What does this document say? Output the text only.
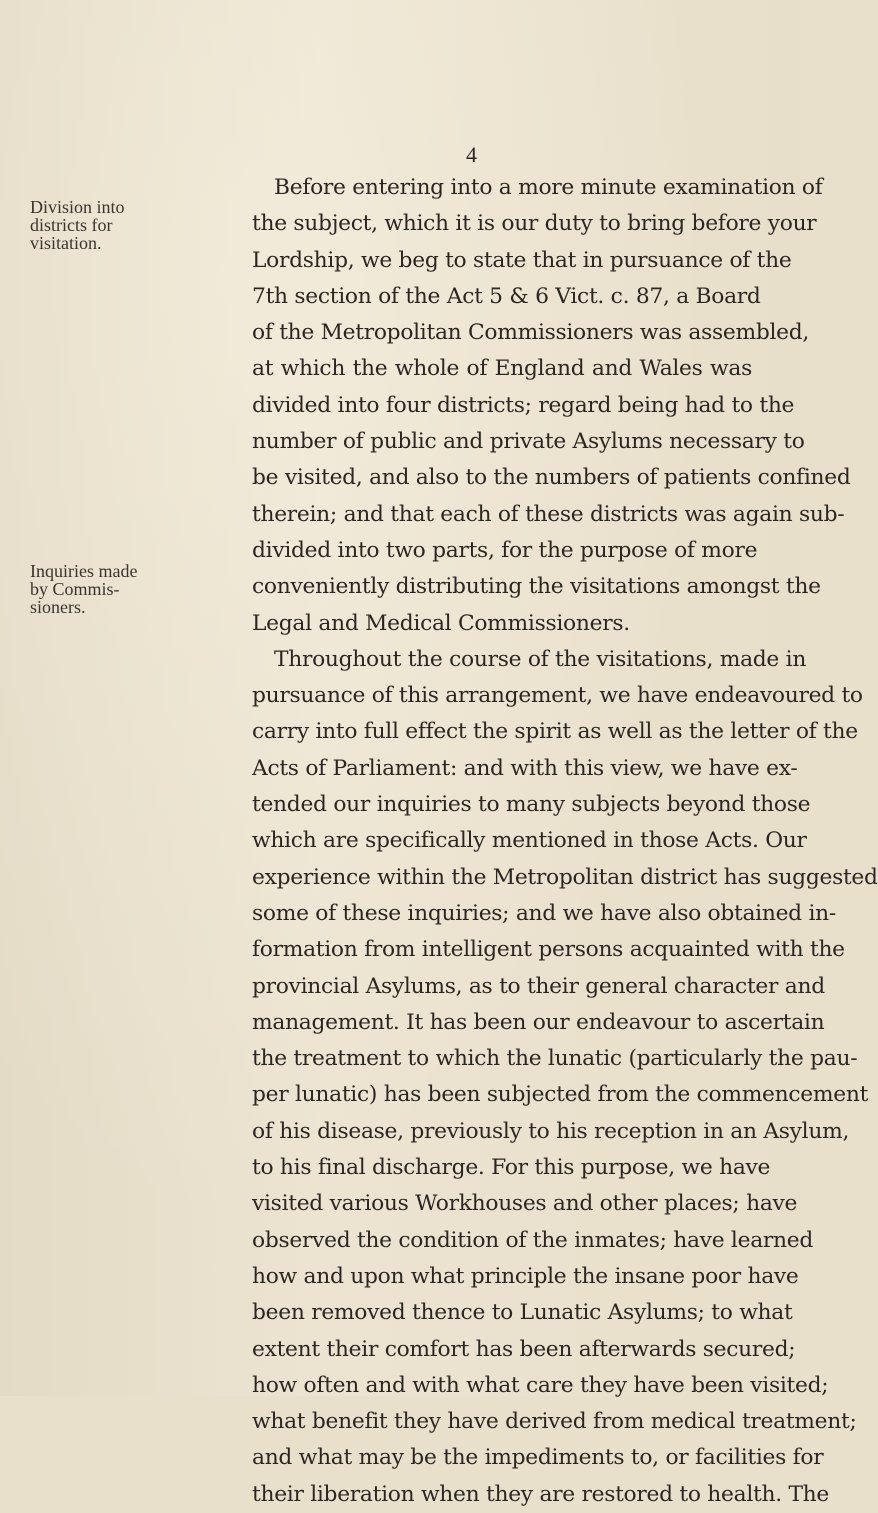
4
Division into
districts for
visitation.
Inquiries made
by Commis-
sioners.
Before entering into a more minute examination of
the subject, which it is our duty to bring before your
Lordship, we beg to state that in pursuance of the
7th section of the Act 5 & 6 Vict. c. 87, a Board
of the Metropolitan Commissioners was assembled,
at which the whole of England and Wales was
divided into four districts; regard being had to the
number of public and private Asylums necessary to
be visited, and also to the numbers of patients confined
therein; and that each of these districts was again sub-
divided into two parts, for the purpose of more
conveniently distributing the visitations amongst the
Legal and Medical Commissioners.
Throughout the course of the visitations, made in
pursuance of this arrangement, we have endeavoured to
carry into full effect the spirit as well as the letter of the
Acts of Parliament: and with this view, we have ex-
tended our inquiries to many subjects beyond those
which are specifically mentioned in those Acts. Our
experience within the Metropolitan district has suggested
some of these inquiries; and we have also obtained in-
formation from intelligent persons acquainted with the
provincial Asylums, as to their general character and
management. It has been our endeavour to ascertain
the treatment to which the lunatic (particularly the pau-
per lunatic) has been subjected from the commencement
of his disease, previously to his reception in an Asylum,
to his final discharge. For this purpose, we have
visited various Workhouses and other places; have
observed the condition of the inmates; have learned
how and upon what principle the insane poor have
been removed thence to Lunatic Asylums; to what
extent their comfort has been afterwards secured;
how often and with what care they have been visited;
what benefit they have derived from medical treatment;
and what may be the impediments to, or facilities for
their liberation when they are restored to health. The
